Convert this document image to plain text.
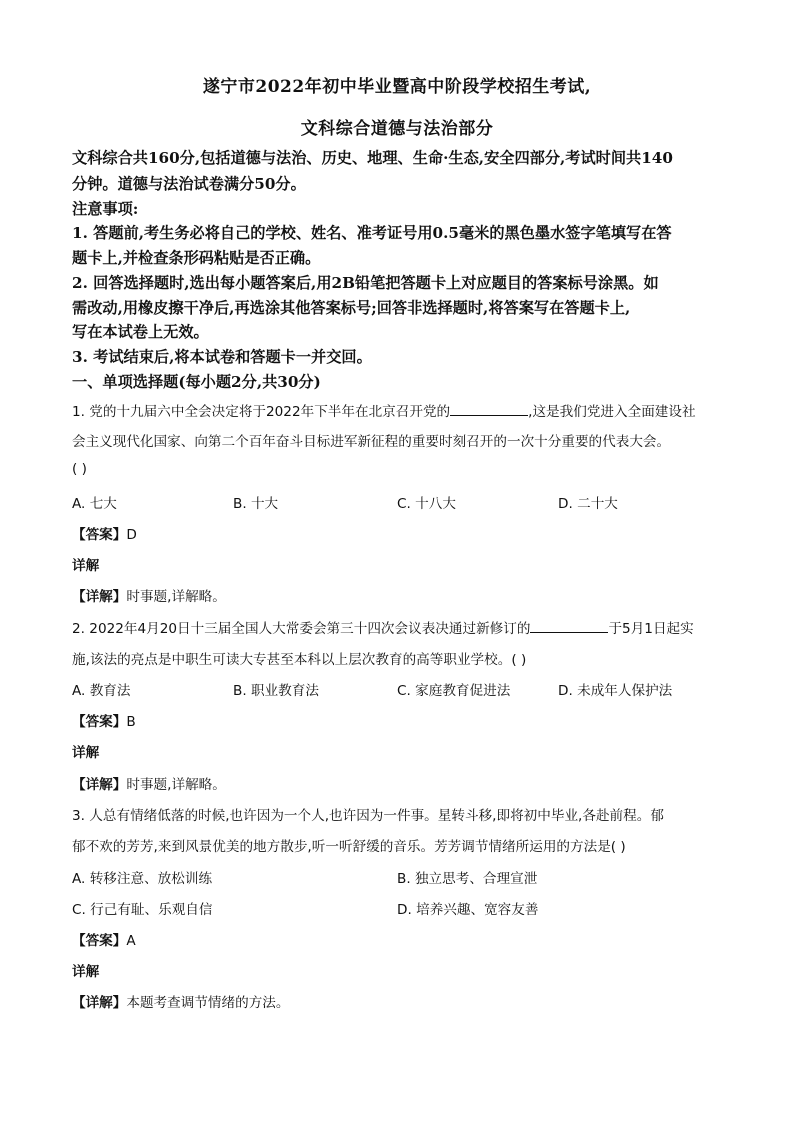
遂宁市2022年初中毕业暨高中阶段学校招生考试,
文科综合道德与法治部分
文科综合共160分,包括道德与法治、历史、地理、生命·生态,安全四部分,考试时间共140
分钟。道德与法治试卷满分50分。
注意事项:
1. 答题前,考生务必将自己的学校、姓名、准考证号用0.5毫米的黑色墨水签字笔填写在答
题卡上,并检查条形码粘贴是否正确。
2. 回答选择题时,选出每小题答案后,用2B铅笔把答题卡上对应题目的答案标号涂黑。如
需改动,用橡皮擦干净后,再选涂其他答案标号;回答非选择题时,将答案写在答题卡上,
写在本试卷上无效。
3. 考试结束后,将本试卷和答题卡一并交回。
一、单项选择题(每小题2分,共30分)
1. 党的十九届六中全会决定将于2022年下半年在北京召开党的	,这是我们党进入全面建设社
会主义现代化国家、向第二个百年奋斗目标进军新征程的重要时刻召开的一次十分重要的代表大会。
( )
A. 七大	B. 十大	C. 十八大	D. 二十大
【答案】D
详解
【详解】时事题,详解略。
2. 2022年4月20日十三届全国人大常委会第三十四次会议表决通过新修订的	于5月1日起实
施,该法的亮点是中职生可读大专甚至本科以上层次教育的高等职业学校。( )
A. 教育法	B. 职业教育法	C. 家庭教育促进法	D. 未成年人保护法
【答案】B
详解
【详解】时事题,详解略。
3. 人总有情绪低落的时候,也许因为一个人,也许因为一件事。星转斗移,即将初中毕业,各赴前程。郁
郁不欢的芳芳,来到风景优美的地方散步,听一听舒缓的音乐。芳芳调节情绪所运用的方法是( )
A. 转移注意、放松训练	B. 独立思考、合理宣泄
C. 行己有耻、乐观自信	D. 培养兴趣、宽容友善
【答案】A
详解
【详解】本题考查调节情绪的方法。
